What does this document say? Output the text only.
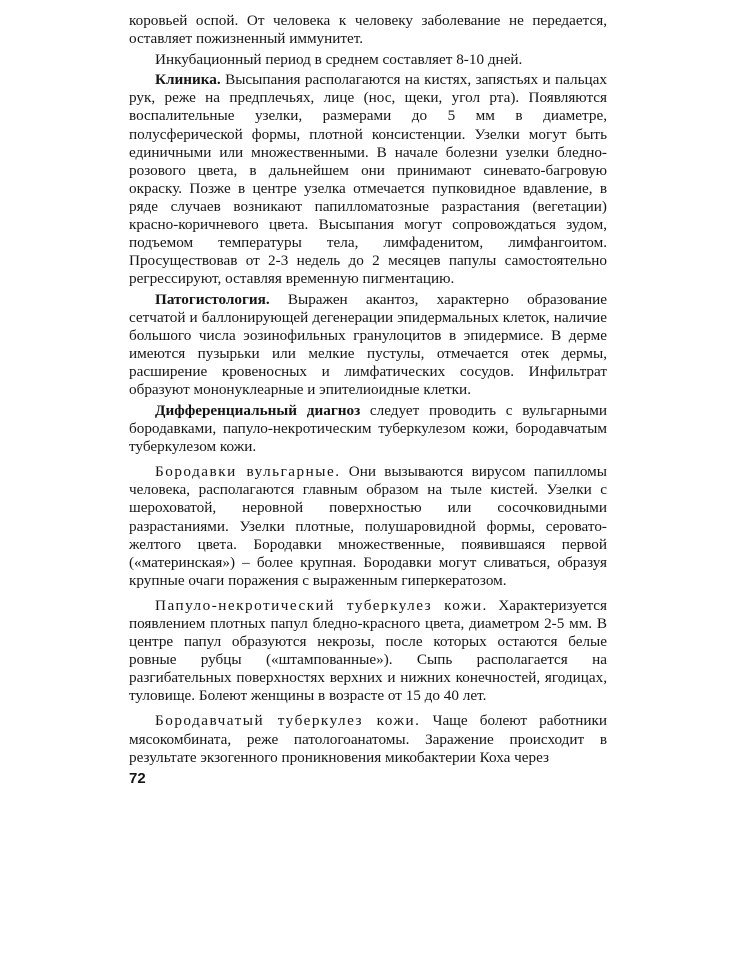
коровьей оспой. От человека к человеку заболевание не передается, оставляет пожизненный иммунитет.

Инкубационный период в среднем составляет 8-10 дней.

Клиника. Высыпания располагаются на кистях, запястьях и пальцах рук, реже на предплечьях, лице (нос, щеки, угол рта). Появляются воспалительные узелки, размерами до 5 мм в диаметре, полусферической формы, плотной консистенции. Узелки могут быть единичными или множественными. В начале болезни узелки бледно-розового цвета, в дальнейшем они принимают синевато-багровую окраску. Позже в центре узелка отмечается пупковидное вдавление, в ряде случаев возникают папилломатозные разрастания (вегетации) красно-коричневого цвета. Высыпания могут сопровождаться зудом, подъемом температуры тела, лимфаденитом, лимфангоитом. Просуществовав от 2-3 недель до 2 месяцев папулы самостоятельно регрессируют, оставляя временную пигментацию.

Патогистология. Выражен акантоз, характерно образование сетчатой и баллонирующей дегенерации эпидермальных клеток, наличие большого числа эозинофильных гранулоцитов в эпидермисе. В дерме имеются пузырьки или мелкие пустулы, отмечается отек дермы, расширение кровеносных и лимфатических сосудов. Инфильтрат образуют мононуклеарные и эпителиоидные клетки.

Дифференциальный диагноз следует проводить с вульгарными бородавками, папуло-некротическим туберкулезом кожи, бородавчатым туберкулезом кожи.

Бородавки вульгарные. Они вызываются вирусом папилломы человека, располагаются главным образом на тыле кистей. Узелки с шероховатой, неровной поверхностью или сосочковидными разрастаниями. Узелки плотные, полушаровидной формы, серовато-желтого цвета. Бородавки множественные, появившаяся первой («материнская») – более крупная. Бородавки могут сливаться, образуя крупные очаги поражения с выраженным гиперкератозом.

Папуло-некротический туберкулез кожи. Характеризуется появлением плотных папул бледно-красного цвета, диаметром 2-5 мм. В центре папул образуются некрозы, после которых остаются белые ровные рубцы («штампованные»). Сыпь располагается на разгибательных поверхностях верхних и нижних конечностей, ягодицах, туловище. Болеют женщины в возрасте от 15 до 40 лет.

Бородавчатый туберкулез кожи. Чаще болеют работники мясокомбината, реже патологоанатомы. Заражение происходит в результате экзогенного проникновения микобактерии Коха через

72
